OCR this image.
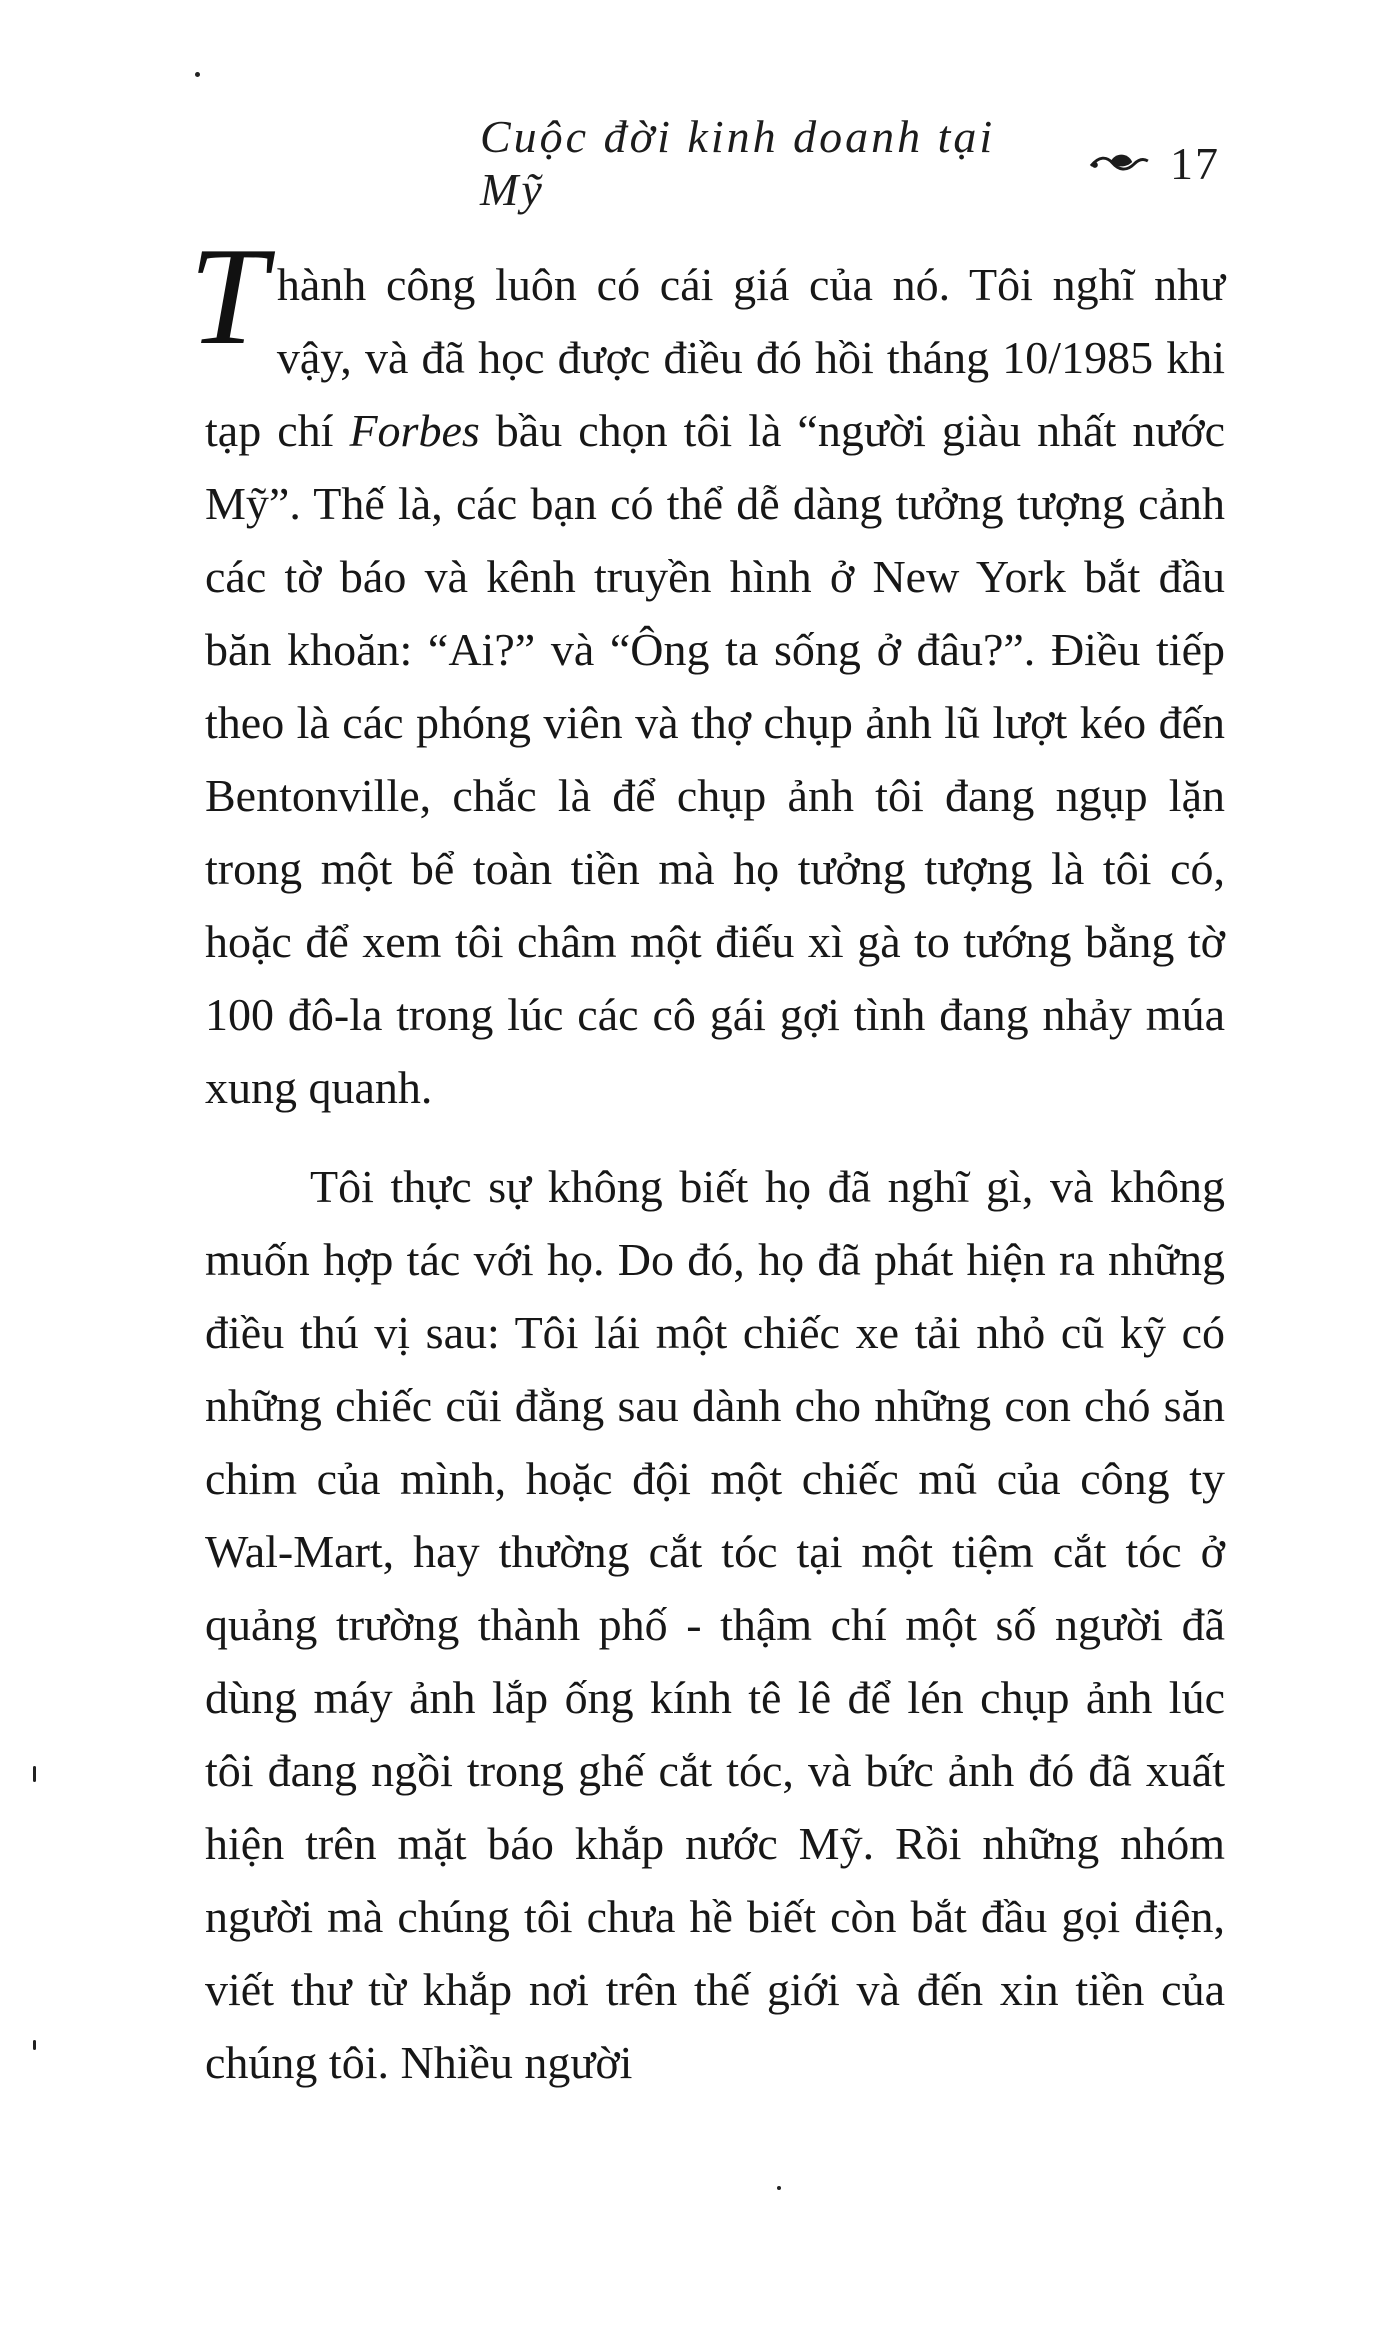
Cuộc đời kinh doanh tại Mỹ
17

Thành công luôn có cái giá của nó. Tôi nghĩ như vậy, và đã học được điều đó hồi tháng 10/1985 khi tạp chí Forbes bầu chọn tôi là “người giàu nhất nước Mỹ”. Thế là, các bạn có thể dễ dàng tưởng tượng cảnh các tờ báo và kênh truyền hình ở New York bắt đầu băn khoăn: “Ai?” và “Ông ta sống ở đâu?”. Điều tiếp theo là các phóng viên và thợ chụp ảnh lũ lượt kéo đến Bentonville, chắc là để chụp ảnh tôi đang ngụp lặn trong một bể toàn tiền mà họ tưởng tượng là tôi có, hoặc để xem tôi châm một điếu xì gà to tướng bằng tờ 100 đô-la trong lúc các cô gái gợi tình đang nhảy múa xung quanh.

Tôi thực sự không biết họ đã nghĩ gì, và không muốn hợp tác với họ. Do đó, họ đã phát hiện ra những điều thú vị sau: Tôi lái một chiếc xe tải nhỏ cũ kỹ có những chiếc cũi đằng sau dành cho những con chó săn chim của mình, hoặc đội một chiếc mũ của công ty Wal-Mart, hay thường cắt tóc tại một tiệm cắt tóc ở quảng trường thành phố - thậm chí một số người đã dùng máy ảnh lắp ống kính tê lê để lén chụp ảnh lúc tôi đang ngồi trong ghế cắt tóc, và bức ảnh đó đã xuất hiện trên mặt báo khắp nước Mỹ. Rồi những nhóm người mà chúng tôi chưa hề biết còn bắt đầu gọi điện, viết thư từ khắp nơi trên thế giới và đến xin tiền của chúng tôi. Nhiều người
